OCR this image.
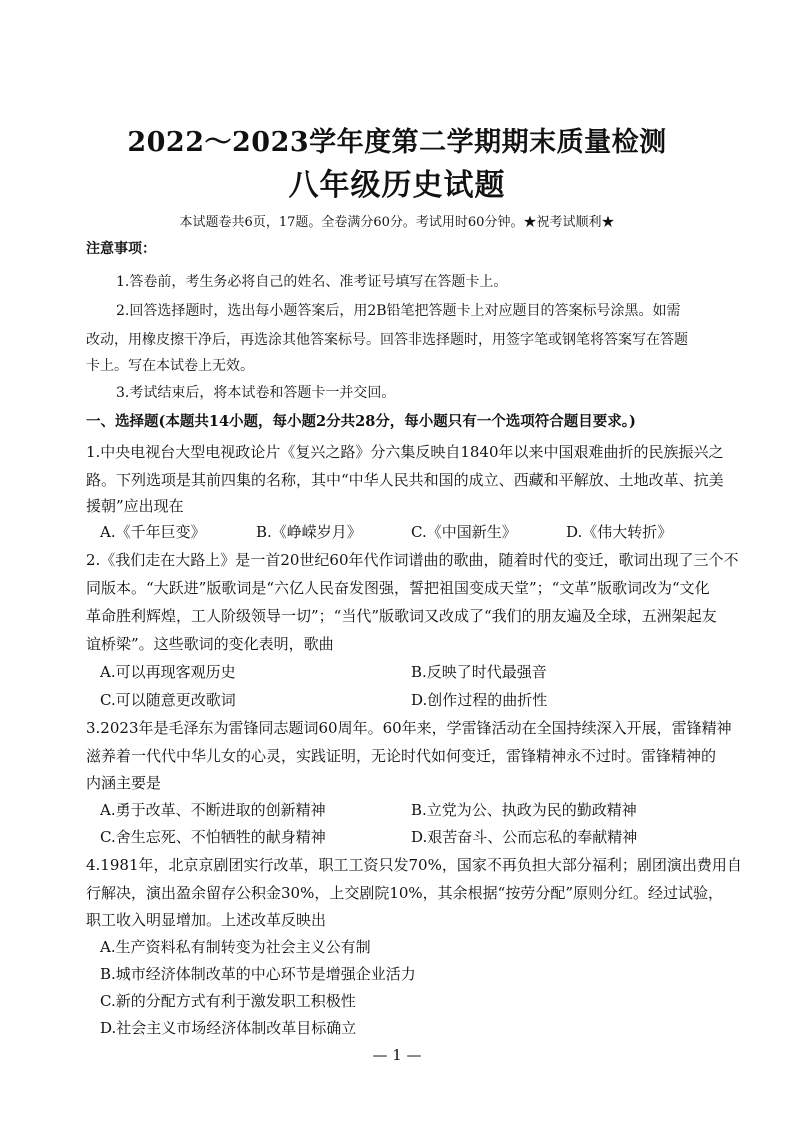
2022～2023学年度第二学期期末质量检测
八年级历史试题
本试题卷共6页，17题。全卷满分60分。考试用时60分钟。★祝考试顺利★
注意事项：
1.答卷前，考生务必将自己的姓名、准考证号填写在答题卡上。
2.回答选择题时，选出每小题答案后，用2B铅笔把答题卡上对应题目的答案标号涂黑。如需
改动，用橡皮擦干净后，再选涂其他答案标号。回答非选择题时，用签字笔或钢笔将答案写在答题
卡上。写在本试卷上无效。
3.考试结束后，将本试卷和答题卡一并交回。
一、选择题(本题共14小题，每小题2分共28分，每小题只有一个选项符合题目要求。)
1.中央电视台大型电视政论片《复兴之路》分六集反映自1840年以来中国艰难曲折的民族振兴之
路。下列选项是其前四集的名称，其中“中华人民共和国的成立、西藏和平解放、土地改革、抗美
援朝”应出现在
A.《千年巨变》	B.《峥嵘岁月》	C.《中国新生》	D.《伟大转折》
2.《我们走在大路上》是一首20世纪60年代作词谱曲的歌曲，随着时代的变迁，歌词出现了三个不
同版本。“大跃进”版歌词是“六亿人民奋发图强，誓把祖国变成天堂”；“文革”版歌词改为“文化
革命胜利辉煌，工人阶级领导一切”；“当代”版歌词又改成了“我们的朋友遍及全球，五洲架起友
谊桥梁”。这些歌词的变化表明，歌曲
A.可以再现客观历史	B.反映了时代最强音
C.可以随意更改歌词	D.创作过程的曲折性
3.2023年是毛泽东为雷锋同志题词60周年。60年来，学雷锋活动在全国持续深入开展，雷锋精神
滋养着一代代中华儿女的心灵，实践证明，无论时代如何变迁，雷锋精神永不过时。雷锋精神的
内涵主要是
A.勇于改革、不断进取的创新精神	B.立党为公、执政为民的勤政精神
C.舍生忘死、不怕牺牲的献身精神	D.艰苦奋斗、公而忘私的奉献精神
4.1981年，北京京剧团实行改革，职工工资只发70%，国家不再负担大部分福利；剧团演出费用自
行解决，演出盈余留存公积金30%，上交剧院10%，其余根据“按劳分配”原则分红。经过试验，
职工收入明显增加。上述改革反映出
A.生产资料私有制转变为社会主义公有制
B.城市经济体制改革的中心环节是增强企业活力
C.新的分配方式有利于激发职工积极性
D.社会主义市场经济体制改革目标确立
— 1 —
